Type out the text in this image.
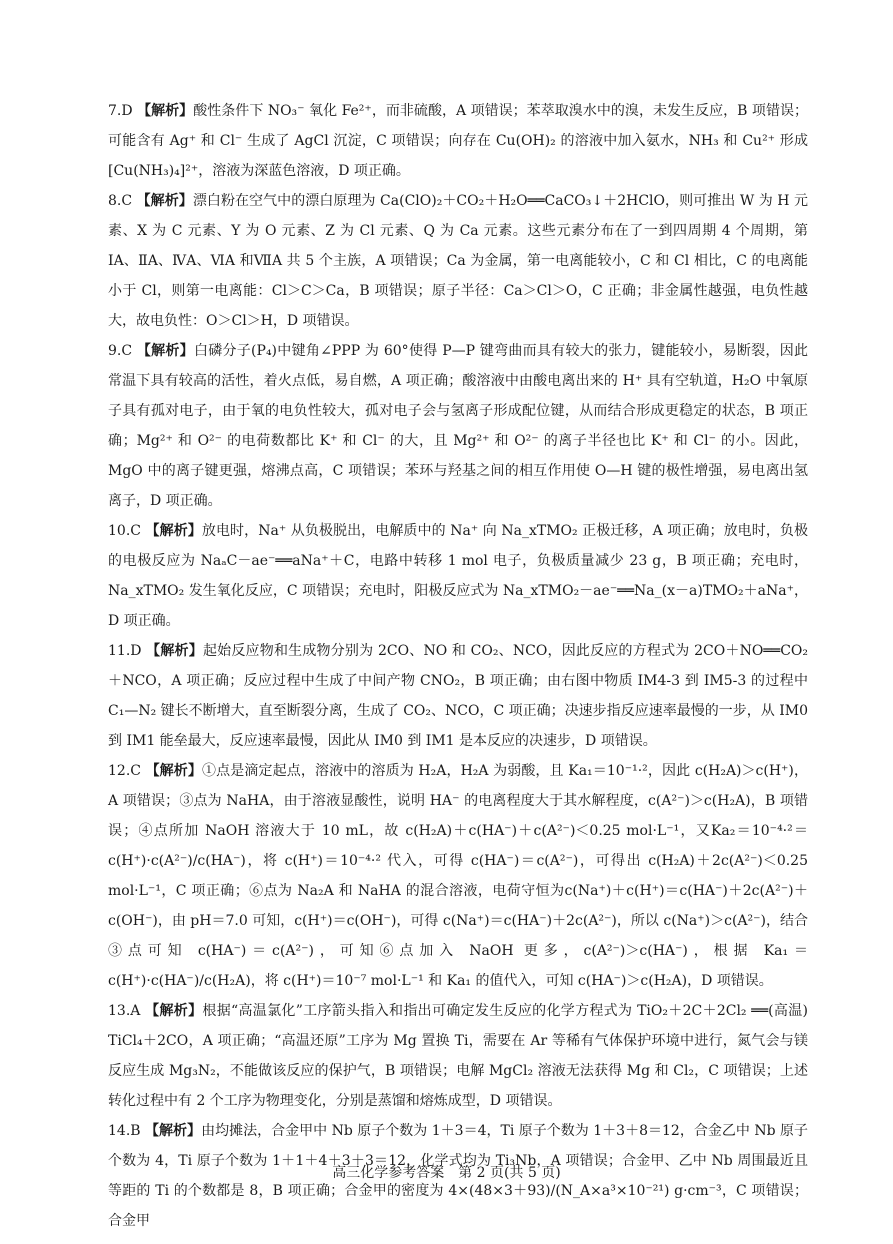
7.D 【解析】酸性条件下 NO₃⁻ 氧化 Fe²⁺，而非硫酸，A 项错误；苯萃取溴水中的溴，未发生反应，B 项错误；可能含有 Ag⁺ 和 Cl⁻ 生成了 AgCl 沉淀，C 项错误；向存在 Cu(OH)₂ 的溶液中加入氨水，NH₃ 和 Cu²⁺ 形成[Cu(NH₃)₄]²⁺，溶液为深蓝色溶液，D 项正确。

8.C 【解析】漂白粉在空气中的漂白原理为 Ca(ClO)₂＋CO₂＋H₂O══CaCO₃↓＋2HClO，则可推出 W 为 H 元素、X 为 C 元素、Y 为 O 元素、Z 为 Cl 元素、Q 为 Ca 元素。这些元素分布在了一到四周期 4 个周期，第ⅠA、ⅡA、ⅣA、ⅥA 和ⅦA 共 5 个主族，A 项错误；Ca 为金属，第一电离能较小，C 和 Cl 相比，C 的电离能小于 Cl，则第一电离能：Cl＞C＞Ca，B 项错误；原子半径：Ca＞Cl＞O，C 正确；非金属性越强，电负性越大，故电负性：O＞Cl＞H，D 项错误。

9.C 【解析】白磷分子(P₄)中键角∠PPP 为 60°使得 P—P 键弯曲而具有较大的张力，键能较小，易断裂，因此常温下具有较高的活性，着火点低，易自燃，A 项正确；酸溶液中由酸电离出来的 H⁺ 具有空轨道，H₂O 中氧原子具有孤对电子，由于氧的电负性较大，孤对电子会与氢离子形成配位键，从而结合形成更稳定的状态，B 项正确；Mg²⁺ 和 O²⁻ 的电荷数都比 K⁺ 和 Cl⁻ 的大，且 Mg²⁺ 和 O²⁻ 的离子半径也比 K⁺ 和 Cl⁻ 的小。因此，MgO 中的离子键更强，熔沸点高，C 项错误；苯环与羟基之间的相互作用使 O—H 键的极性增强，易电离出氢离子，D 项正确。

10.C 【解析】放电时，Na⁺ 从负极脱出，电解质中的 Na⁺ 向 Na_xTMO₂ 正极迁移，A 项正确；放电时，负极的电极反应为 NaₐC－ae⁻══aNa⁺＋C，电路中转移 1 mol 电子，负极质量减少 23 g，B 项正确；充电时，Na_xTMO₂ 发生氧化反应，C 项错误；充电时，阳极反应式为 Na_xTMO₂－ae⁻══Na_(x－a)TMO₂＋aNa⁺，D 项正确。

11.D 【解析】起始反应物和生成物分别为 2CO、NO 和 CO₂、NCO，因此反应的方程式为 2CO＋NO══CO₂＋NCO，A 项正确；反应过程中生成了中间产物 CNO₂，B 项正确；由右图中物质 IM4-3 到 IM5-3 的过程中 C₁—N₂ 键长不断增大，直至断裂分离，生成了 CO₂、NCO，C 项正确；决速步指反应速率最慢的一步，从 IM0 到 IM1 能垒最大，反应速率最慢，因此从 IM0 到 IM1 是本反应的决速步，D 项错误。

12.C 【解析】①点是滴定起点，溶液中的溶质为 H₂A，H₂A 为弱酸，且 Ka₁＝10⁻¹·²，因此 c(H₂A)＞c(H⁺)，A 项错误；③点为 NaHA，由于溶液显酸性，说明 HA⁻ 的电离程度大于其水解程度，c(A²⁻)＞c(H₂A)，B 项错误；④点所加 NaOH 溶液大于 10 mL，故 c(H₂A)＋c(HA⁻)＋c(A²⁻)＜0.25 mol·L⁻¹，又Ka₂＝10⁻⁴·²＝c(H⁺)·c(A²⁻)/c(HA⁻)，将 c(H⁺)＝10⁻⁴·² 代入，可得 c(HA⁻)＝c(A²⁻)，可得出 c(H₂A)＋2c(A²⁻)＜0.25 mol·L⁻¹，C 项正确；⑥点为 Na₂A 和 NaHA 的混合溶液，电荷守恒为c(Na⁺)＋c(H⁺)＝c(HA⁻)＋2c(A²⁻)＋c(OH⁻)，由 pH＝7.0 可知，c(H⁺)＝c(OH⁻)，可得 c(Na⁺)＝c(HA⁻)＋2c(A²⁻)，所以 c(Na⁺)＞c(A²⁻)，结合③点可知 c(HA⁻)＝c(A²⁻)，可知⑥点加入 NaOH 更多，c(A²⁻)＞c(HA⁻)，根据 Ka₁＝c(H⁺)·c(HA⁻)/c(H₂A)，将 c(H⁺)＝10⁻⁷ mol·L⁻¹ 和 Ka₁ 的值代入，可知 c(HA⁻)＞c(H₂A)，D 项错误。

13.A 【解析】根据“高温氯化”工序箭头指入和指出可确定发生反应的化学方程式为 TiO₂＋2C＋2Cl₂ ══(高温) TiCl₄＋2CO，A 项正确；“高温还原”工序为 Mg 置换 Ti，需要在 Ar 等稀有气体保护环境中进行，氮气会与镁反应生成 Mg₃N₂，不能做该反应的保护气，B 项错误；电解 MgCl₂ 溶液无法获得 Mg 和 Cl₂，C 项错误；上述转化过程中有 2 个工序为物理变化，分别是蒸馏和熔炼成型，D 项错误。

14.B 【解析】由均摊法，合金甲中 Nb 原子个数为 1＋3＝4，Ti 原子个数为 1＋3＋8＝12，合金乙中 Nb 原子个数为 4，Ti 原子个数为 1＋1＋4＋3＋3＝12，化学式均为 Ti₃Nb，A 项错误；合金甲、乙中 Nb 周围最近且等距的 Ti 的个数都是 8，B 项正确；合金甲的密度为 4×(48×3＋93)/(N_A×a³×10⁻²¹) g·cm⁻³，C 项错误；合金甲

高三化学参考答案　第 2 页(共 5 页)
